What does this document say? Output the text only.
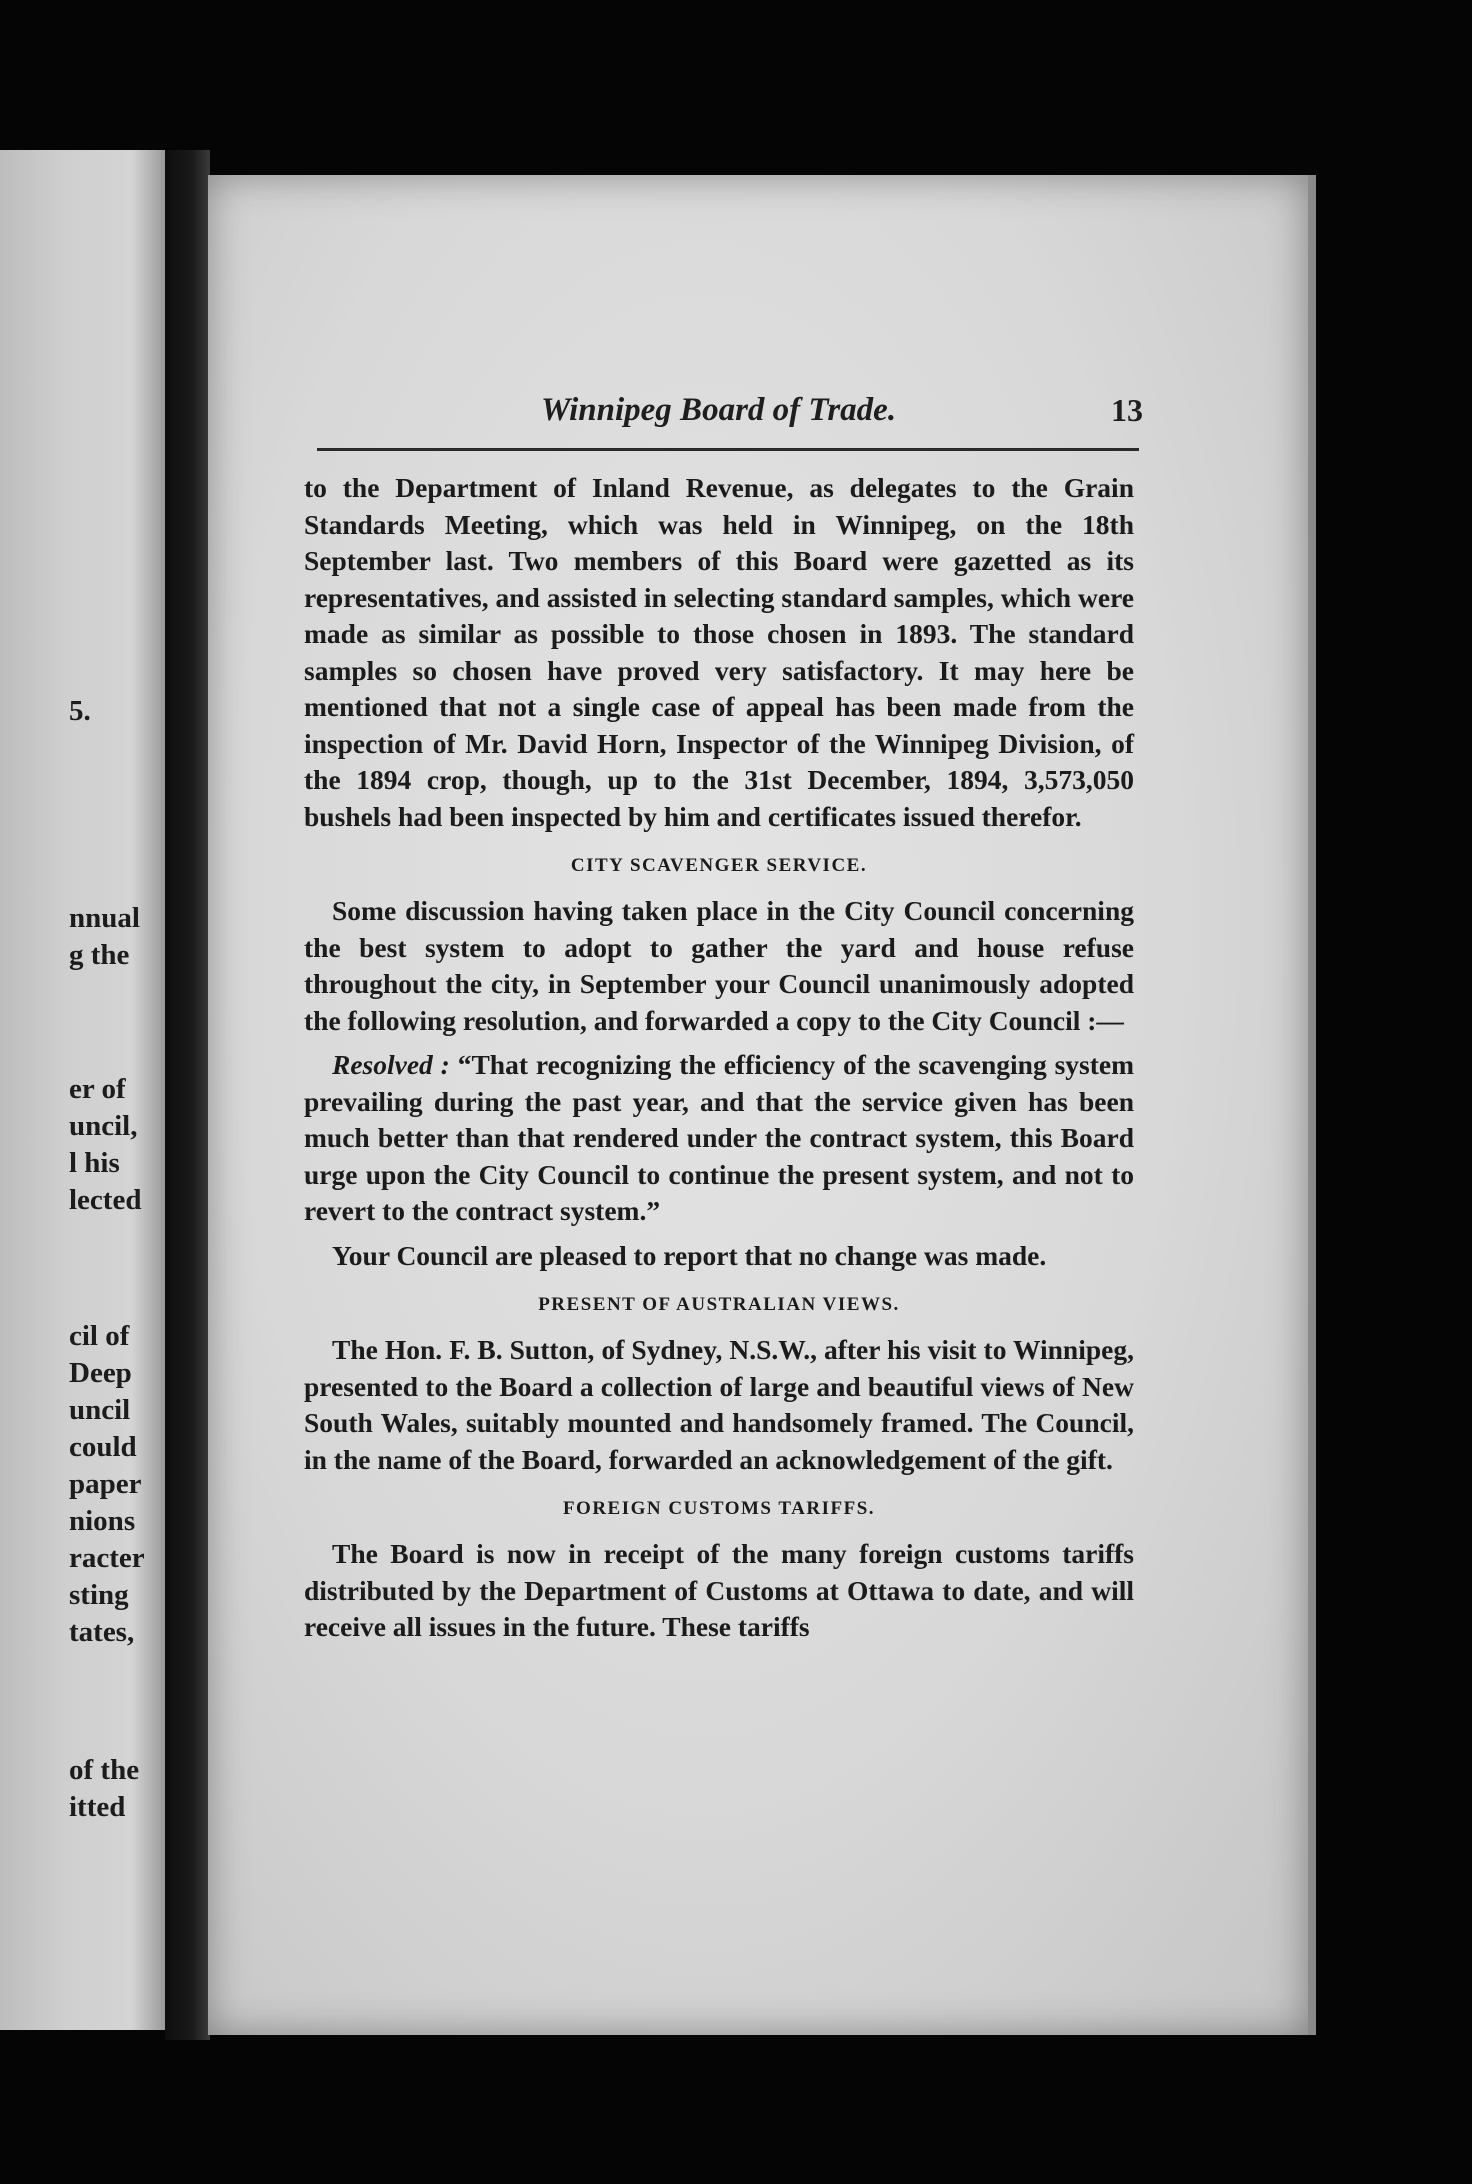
5.
nnual
g the
er of
uncil,
l his
lected
cil of
Deep
uncil
could
paper
nions
racter
sting
tates,
of the
itted
Winnipeg Board of Trade.	13

to the Department of Inland Revenue, as delegates to the Grain Standards Meeting, which was held in Winnipeg, on the 18th September last. Two members of this Board were gazetted as its representatives, and assisted in selecting standard samples, which were made as similar as possible to those chosen in 1893. The standard samples so chosen have proved very satisfactory. It may here be mentioned that not a single case of appeal has been made from the inspection of Mr. David Horn, Inspector of the Winnipeg Division, of the 1894 crop, though, up to the 31st December, 1894, 3,573,050 bushels had been inspected by him and certificates issued therefor.

CITY SCAVENGER SERVICE.

Some discussion having taken place in the City Council concerning the best system to adopt to gather the yard and house refuse throughout the city, in September your Council unanimously adopted the following resolution, and forwarded a copy to the City Council :—

Resolved : “That recognizing the efficiency of the scavenging system prevailing during the past year, and that the service given has been much better than that rendered under the contract system, this Board urge upon the City Council to continue the present system, and not to revert to the contract system.”

Your Council are pleased to report that no change was made.

PRESENT OF AUSTRALIAN VIEWS.

The Hon. F. B. Sutton, of Sydney, N.S.W., after his visit to Winnipeg, presented to the Board a collection of large and beautiful views of New South Wales, suitably mounted and handsomely framed. The Council, in the name of the Board, forwarded an acknowledgement of the gift.

FOREIGN CUSTOMS TARIFFS.

The Board is now in receipt of the many foreign customs tariffs distributed by the Department of Customs at Ottawa to date, and will receive all issues in the future. These tariffs
